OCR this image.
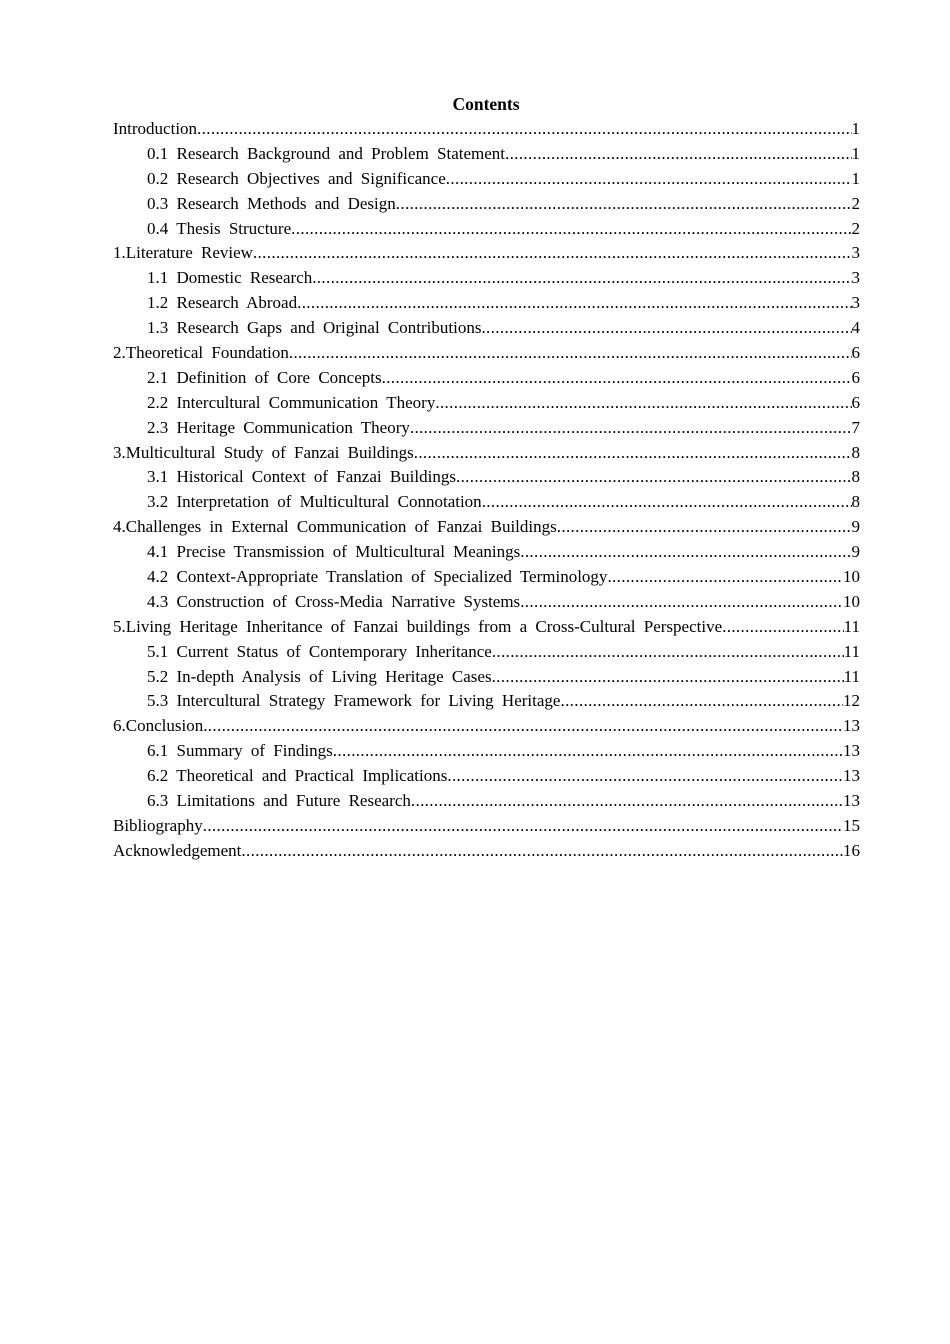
Contents
Introduction .....	1
0.1 Research Background and Problem Statement .....	1
0.2 Research Objectives and Significance .....	1
0.3 Research Methods and Design .....	2
0.4 Thesis Structure .....	2
1.Literature Review .....	3
1.1 Domestic Research .....	3
1.2 Research Abroad .....	3
1.3 Research Gaps and Original Contributions .....	4
2.Theoretical Foundation .....	6
2.1 Definition of Core Concepts .....	6
2.2 Intercultural Communication Theory .....	6
2.3 Heritage Communication Theory .....	7
3.Multicultural Study of Fanzai Buildings .....	8
3.1 Historical Context of Fanzai Buildings .....	8
3.2 Interpretation of Multicultural Connotation .....	8
4.Challenges in External Communication of Fanzai Buildings .....	9
4.1 Precise Transmission of Multicultural Meanings .....	9
4.2 Context-Appropriate Translation of Specialized Terminology .....	10
4.3 Construction of Cross-Media Narrative Systems .....	10
5.Living Heritage Inheritance of Fanzai buildings from a Cross-Cultural Perspective .....	11
5.1 Current Status of Contemporary Inheritance .....	11
5.2 In-depth Analysis of Living Heritage Cases .....	11
5.3 Intercultural Strategy Framework for Living Heritage .....	12
6.Conclusion .....	13
6.1 Summary of Findings .....	13
6.2 Theoretical and Practical Implications .....	13
6.3 Limitations and Future Research .....	13
Bibliography .....	15
Acknowledgement .....	16
